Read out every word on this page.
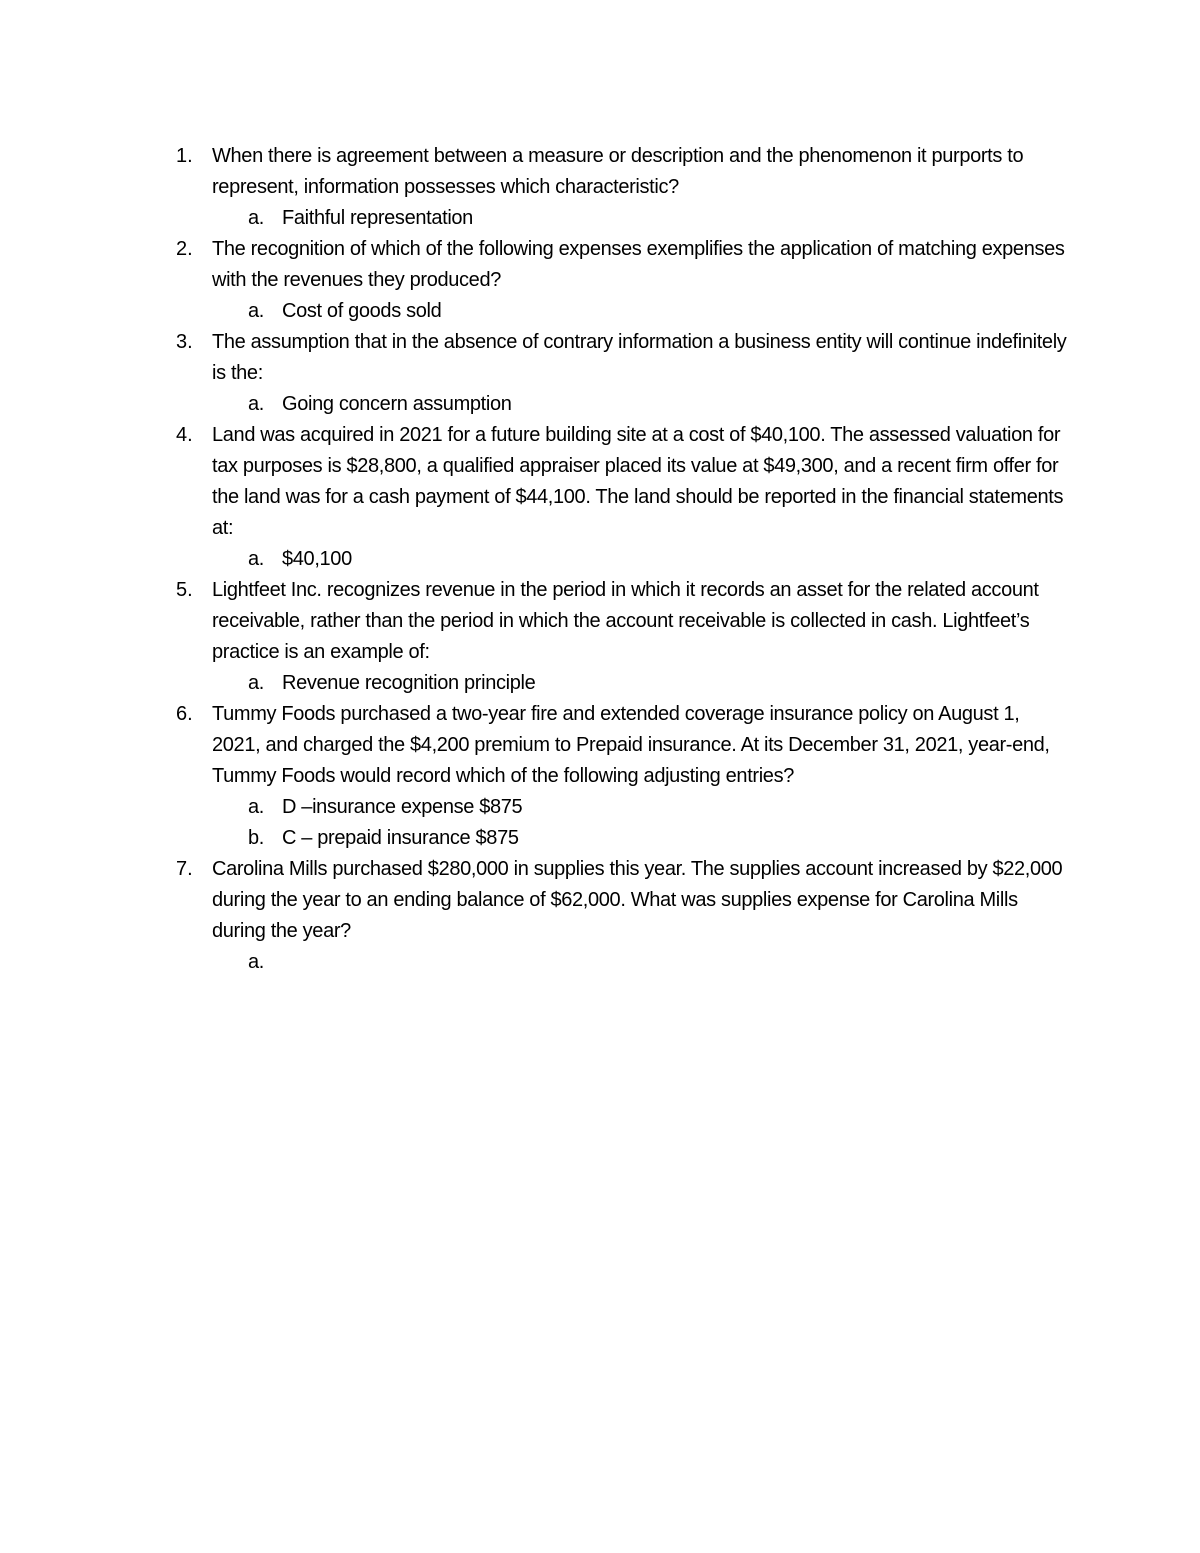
1. When there is agreement between a measure or description and the phenomenon it purports to represent, information possesses which characteristic?
a. Faithful representation
2. The recognition of which of the following expenses exemplifies the application of matching expenses with the revenues they produced?
a. Cost of goods sold
3. The assumption that in the absence of contrary information a business entity will continue indefinitely is the:
a. Going concern assumption
4. Land was acquired in 2021 for a future building site at a cost of $40,100. The assessed valuation for tax purposes is $28,800, a qualified appraiser placed its value at $49,300, and a recent firm offer for the land was for a cash payment of $44,100. The land should be reported in the financial statements at:
a. $40,100
5. Lightfeet Inc. recognizes revenue in the period in which it records an asset for the related account receivable, rather than the period in which the account receivable is collected in cash. Lightfeet’s practice is an example of:
a. Revenue recognition principle
6. Tummy Foods purchased a two-year fire and extended coverage insurance policy on August 1, 2021, and charged the $4,200 premium to Prepaid insurance. At its December 31, 2021, year-end, Tummy Foods would record which of the following adjusting entries?
a. D –insurance expense $875
b. C – prepaid insurance $875
7. Carolina Mills purchased $280,000 in supplies this year. The supplies account increased by $22,000 during the year to an ending balance of $62,000. What was supplies expense for Carolina Mills during the year?
a.
